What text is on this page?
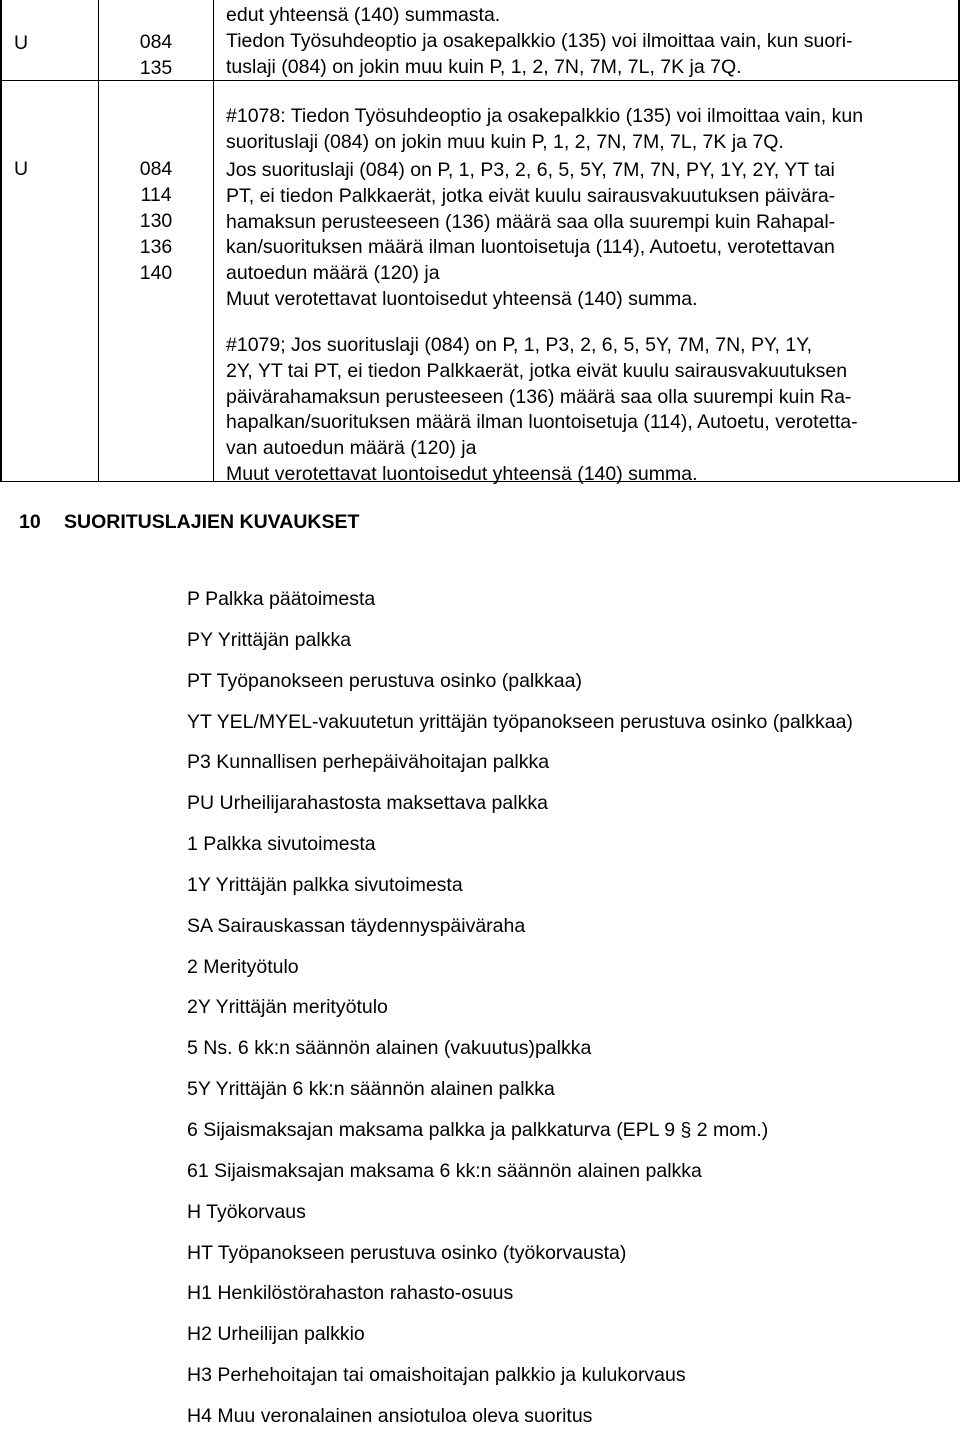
U	084
135
edut yhteensä (140) summasta.
Tiedon Työsuhdeoptio ja osakepalkkio (135) voi ilmoittaa vain, kun suori-
tuslaji (084) on jokin muu kuin P, 1, 2, 7N, 7M, 7L, 7K ja 7Q.
#1078: Tiedon Työsuhdeoptio ja osakepalkkio (135) voi ilmoittaa vain, kun
suorituslaji (084) on jokin muu kuin P, 1, 2, 7N, 7M, 7L, 7K ja 7Q.
U	084
114
130
136
140
Jos suorituslaji (084) on P, 1, P3, 2, 6, 5, 5Y, 7M, 7N, PY, 1Y, 2Y, YT tai
PT, ei tiedon Palkkaerät, jotka eivät kuulu sairausvakuutuksen päivära-
hamaksun perusteeseen (136) määrä saa olla suurempi kuin Rahapal-
kan/suorituksen määrä ilman luontoisetuja (114), Autoetu, verotettavan
autoedun määrä (120) ja
Muut verotettavat luontoisedut yhteensä (140) summa.
#1079; Jos suorituslaji (084) on P, 1, P3, 2, 6, 5, 5Y, 7M, 7N, PY, 1Y,
2Y, YT tai PT, ei tiedon Palkkaerät, jotka eivät kuulu sairausvakuutuksen
päivärahamaksun perusteeseen (136) määrä saa olla suurempi kuin Ra-
hapalkan/suorituksen määrä ilman luontoisetuja (114), Autoetu, verotetta-
van autoedun määrä (120) ja
Muut verotettavat luontoisedut yhteensä (140) summa.
10 SUORITUSLAJIEN KUVAUKSET
P Palkka päätoimesta
PY Yrittäjän palkka
PT Työpanokseen perustuva osinko (palkkaa)
YT YEL/MYEL-vakuutetun yrittäjän työpanokseen perustuva osinko (palkkaa)
P3 Kunnallisen perhepäivähoitajan palkka
PU Urheilijarahastosta maksettava palkka
1 Palkka sivutoimesta
1Y Yrittäjän palkka sivutoimesta
SA Sairauskassan täydennyspäiväraha
2 Merityötulo
2Y Yrittäjän merityötulo
5 Ns. 6 kk:n säännön alainen (vakuutus)palkka
5Y Yrittäjän 6 kk:n säännön alainen palkka
6 Sijaismaksajan maksama palkka ja palkkaturva (EPL 9 § 2 mom.)
61 Sijaismaksajan maksama 6 kk:n säännön alainen palkka
H Työkorvaus
HT Työpanokseen perustuva osinko (työkorvausta)
H1 Henkilöstörahaston rahasto-osuus
H2 Urheilijan palkkio
H3 Perhehoitajan tai omaishoitajan palkkio ja kulukorvaus
H4 Muu veronalainen ansiotuloa oleva suoritus
